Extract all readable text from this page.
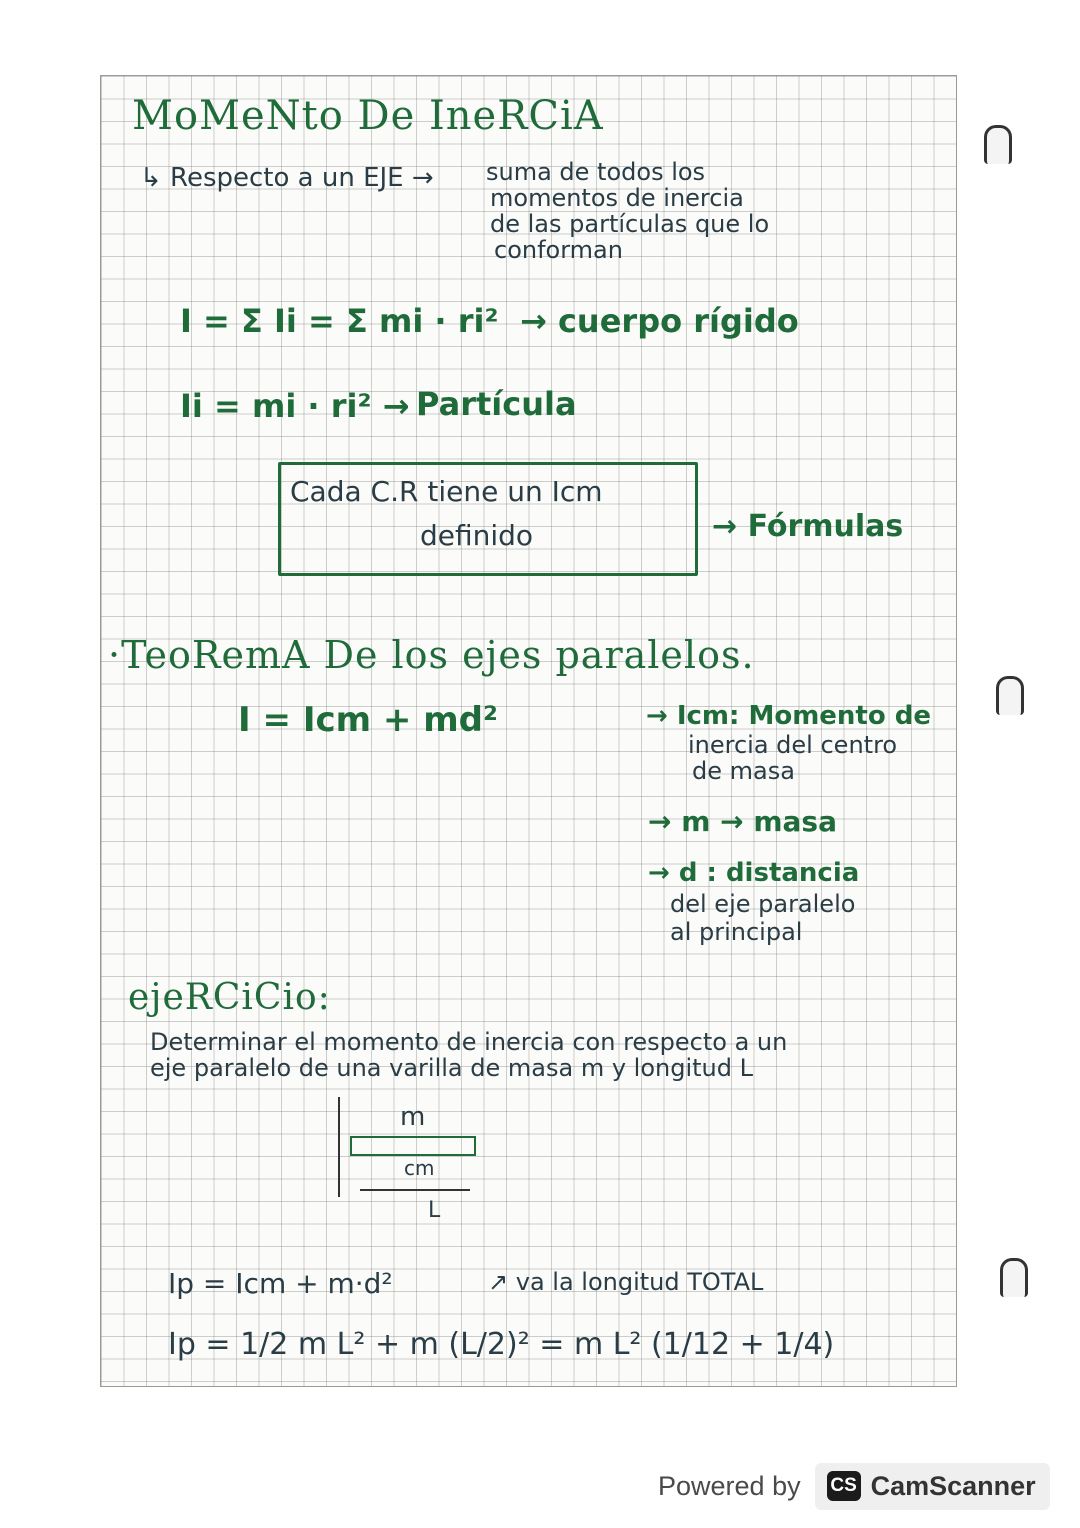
MoMeNto De IneRCiA
↳ Respecto a un EJE → suma de todos los
momentos de inercia
de las partículas que lo
conforman
I = Σ Ii = Σ mi · ri² → cuerpo rígido
Ii = mi · ri² → Partícula
Cada C.R tiene un Icm
definido	→ Fórmulas
·TeoRemA De los ejes paralelos.
I = Icm + md²	→ Icm: Momento de
inercia del centro
de masa
→ m → masa
→ d : distancia
del eje paralelo
al principal
ejeRCiCio:
Determinar el momento de inercia con respecto a un
eje paralelo de una varilla de masa m y longitud L
m
cm
L
Ip = Icm + m·d²	↗ va la longitud TOTAL
Ip = 1/2 m L² + m (L/2)² = m L² (1/12 + 1/4)
Powered by CS CamScanner
